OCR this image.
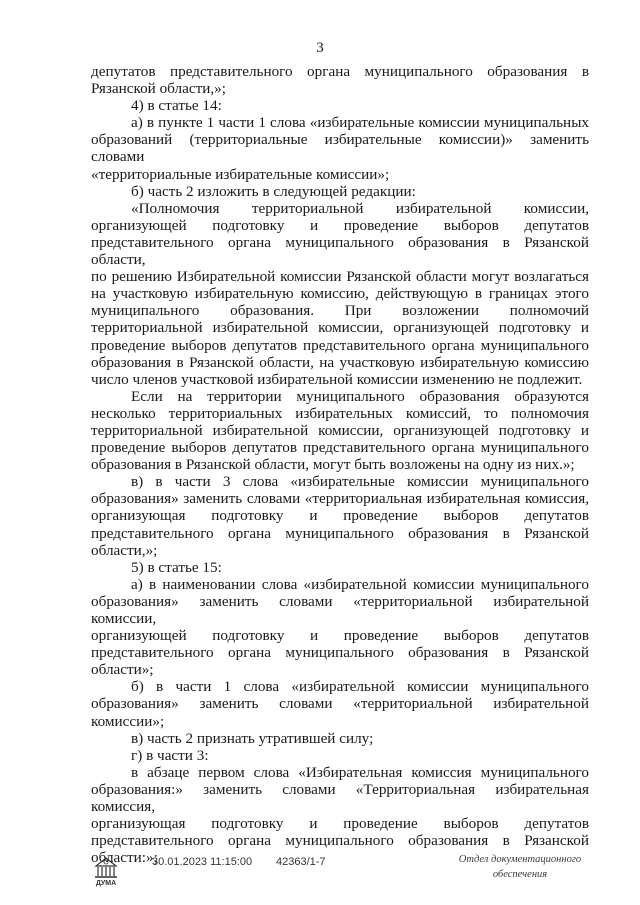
3

депутатов представительного органа муниципального образования в

Рязанской области,»;

4) в статье 14:

а) в пункте 1 части 1 слова «избирательные комиссии муниципальных

образований (территориальные избирательные комиссии)» заменить словами

«территориальные избирательные комиссии»;

б) часть 2 изложить в следующей редакции:

«Полномочия территориальной избирательной комиссии,

организующей подготовку и проведение выборов депутатов

представительного органа муниципального образования в Рязанской области,

по решению Избирательной комиссии Рязанской области могут возлагаться

на участковую избирательную комиссию, действующую в границах этого

муниципального образования. При возложении полномочий

территориальной избирательной комиссии, организующей подготовку и

проведение выборов депутатов представительного органа муниципального

образования в Рязанской области, на участковую избирательную комиссию

число членов участковой избирательной комиссии изменению не подлежит.

Если на территории муниципального образования образуются

несколько территориальных избирательных комиссий, то полномочия

территориальной избирательной комиссии, организующей подготовку и

проведение выборов депутатов представительного органа муниципального

образования в Рязанской области, могут быть возложены на одну из них.»;

в) в части 3 слова «избирательные комиссии муниципального

образования» заменить словами «территориальная избирательная комиссия,

организующая подготовку и проведение выборов депутатов

представительного органа муниципального образования в Рязанской

области,»;

5) в статье 15:

а) в наименовании слова «избирательной комиссии муниципального

образования» заменить словами «территориальной избирательной комиссии,

организующей подготовку и проведение выборов депутатов

представительного органа муниципального образования в Рязанской

области»;

б) в части 1 слова «избирательной комиссии муниципального

образования» заменить словами «территориальной избирательной

комиссии»;

в) часть 2 признать утратившей силу;

г) в части 3:

в абзаце первом слова «Избирательная комиссия муниципального

образования:» заменить словами «Территориальная избирательная комиссия,

организующая подготовку и проведение выборов депутатов

представительного органа муниципального образования в Рязанской

области:»;

ДУМА
30.01.2023 11:15:00 42363/1-7	Отдел документационного
обеспечения
